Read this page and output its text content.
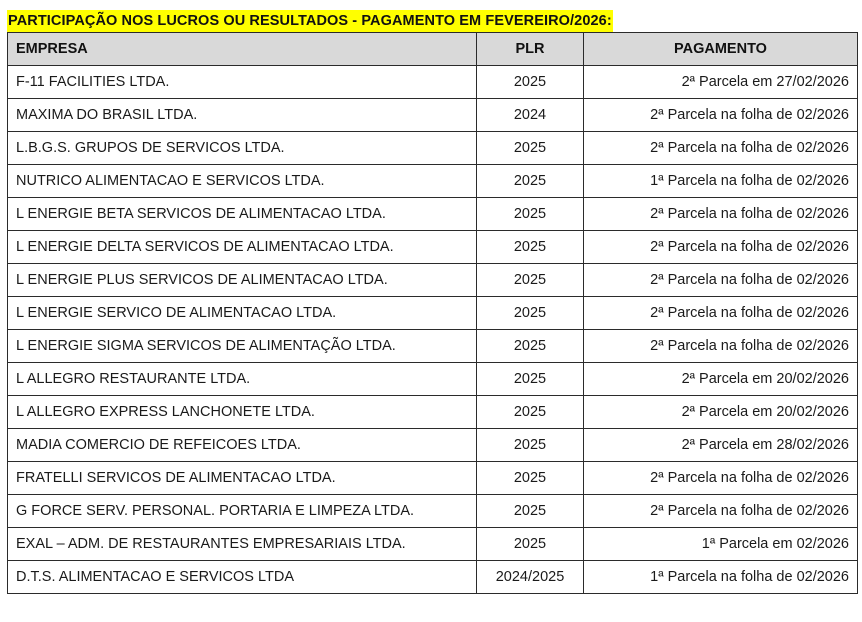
PARTICIPAÇÃO NOS LUCROS OU RESULTADOS - PAGAMENTO EM FEVEREIRO/2026:
EMPRESA	PLR	PAGAMENTO
F-11 FACILITIES LTDA.	2025	2ª Parcela em 27/02/2026
MAXIMA DO BRASIL LTDA.	2024	2ª Parcela na folha de 02/2026
L.B.G.S. GRUPOS DE SERVICOS LTDA.	2025	2ª Parcela na folha de 02/2026
NUTRICO ALIMENTACAO E SERVICOS LTDA.	2025	1ª Parcela na folha de 02/2026
L ENERGIE BETA SERVICOS DE ALIMENTACAO LTDA.	2025	2ª Parcela na folha de 02/2026
L ENERGIE DELTA SERVICOS DE ALIMENTACAO LTDA.	2025	2ª Parcela na folha de 02/2026
L ENERGIE PLUS SERVICOS DE ALIMENTACAO LTDA.	2025	2ª Parcela na folha de 02/2026
L ENERGIE SERVICO DE ALIMENTACAO LTDA.	2025	2ª Parcela na folha de 02/2026
L ENERGIE SIGMA SERVICOS DE ALIMENTAÇÃO LTDA.	2025	2ª Parcela na folha de 02/2026
L ALLEGRO RESTAURANTE LTDA.	2025	2ª Parcela em 20/02/2026
L ALLEGRO EXPRESS LANCHONETE LTDA.	2025	2ª Parcela em 20/02/2026
MADIA COMERCIO DE REFEICOES LTDA.	2025	2ª Parcela em 28/02/2026
FRATELLI SERVICOS DE ALIMENTACAO LTDA.	2025	2ª Parcela na folha de 02/2026
G FORCE SERV. PERSONAL. PORTARIA E LIMPEZA LTDA.	2025	2ª Parcela na folha de 02/2026
EXAL – ADM. DE RESTAURANTES EMPRESARIAIS LTDA.	2025	1ª Parcela em 02/2026
D.T.S. ALIMENTACAO E SERVICOS LTDA	2024/2025	1ª Parcela na folha de 02/2026
